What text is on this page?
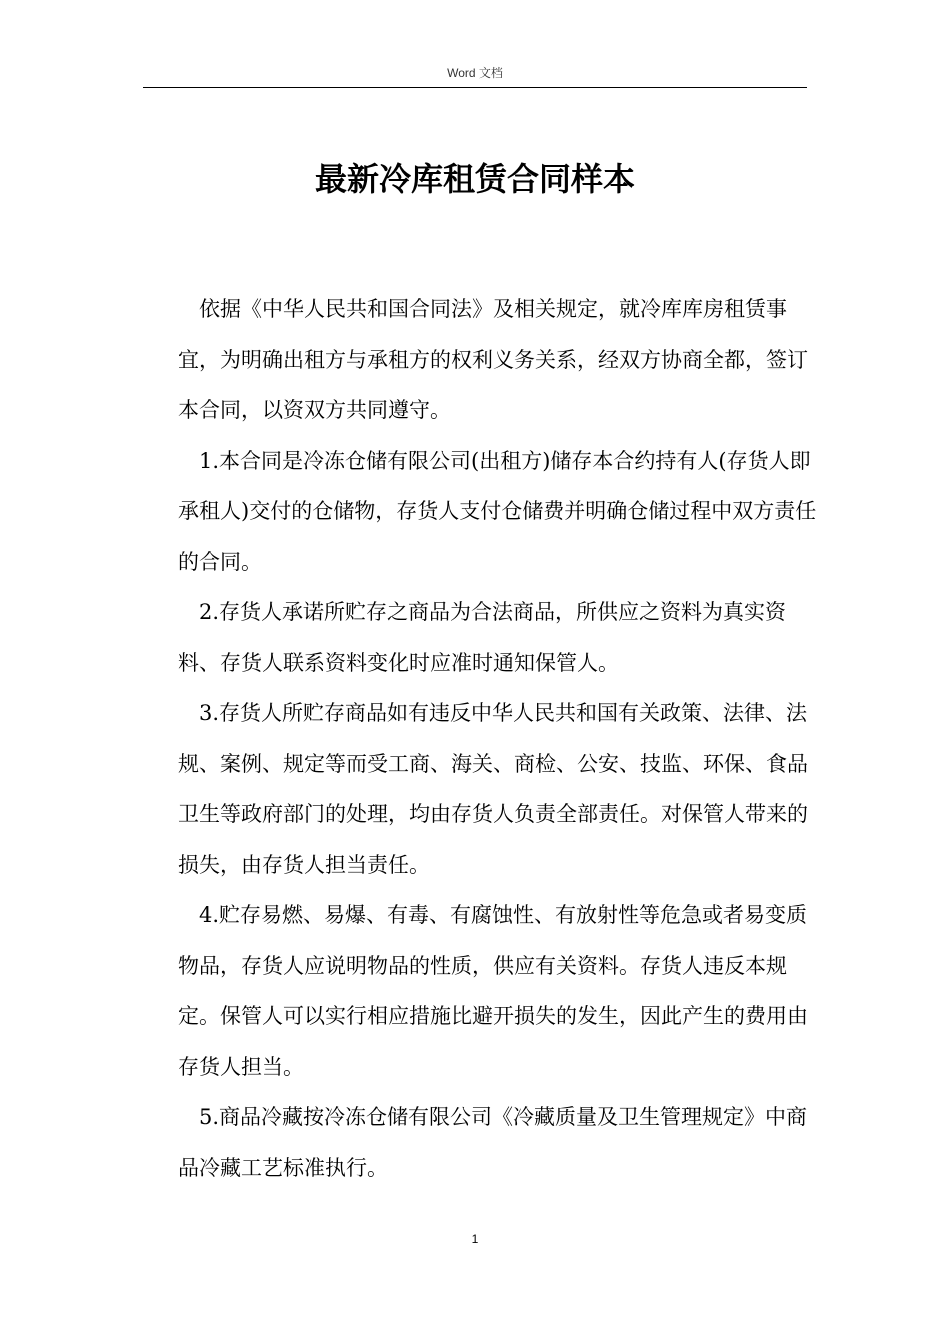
Word 文档
最新冷库租赁合同样本

依据《中华人民共和国合同法》及相关规定，就冷库库房租赁事宜，为明确出租方与承租方的权利义务关系，经双方协商全都，签订本合同，以资双方共同遵守。

1.本合同是冷冻仓储有限公司(出租方)储存本合约持有人(存货人即承租人)交付的仓储物，存货人支付仓储费并明确仓储过程中双方责任的合同。

2.存货人承诺所贮存之商品为合法商品，所供应之资料为真实资料、存货人联系资料变化时应准时通知保管人。

3.存货人所贮存商品如有违反中华人民共和国有关政策、法律、法规、案例、规定等而受工商、海关、商检、公安、技监、环保、食品卫生等政府部门的处理，均由存货人负责全部责任。对保管人带来的损失，由存货人担当责任。

4.贮存易燃、易爆、有毒、有腐蚀性、有放射性等危急或者易变质物品，存货人应说明物品的性质，供应有关资料。存货人违反本规定。保管人可以实行相应措施比避开损失的发生，因此产生的费用由存货人担当。

5.商品冷藏按冷冻仓储有限公司《冷藏质量及卫生管理规定》中商品冷藏工艺标准执行。

1
